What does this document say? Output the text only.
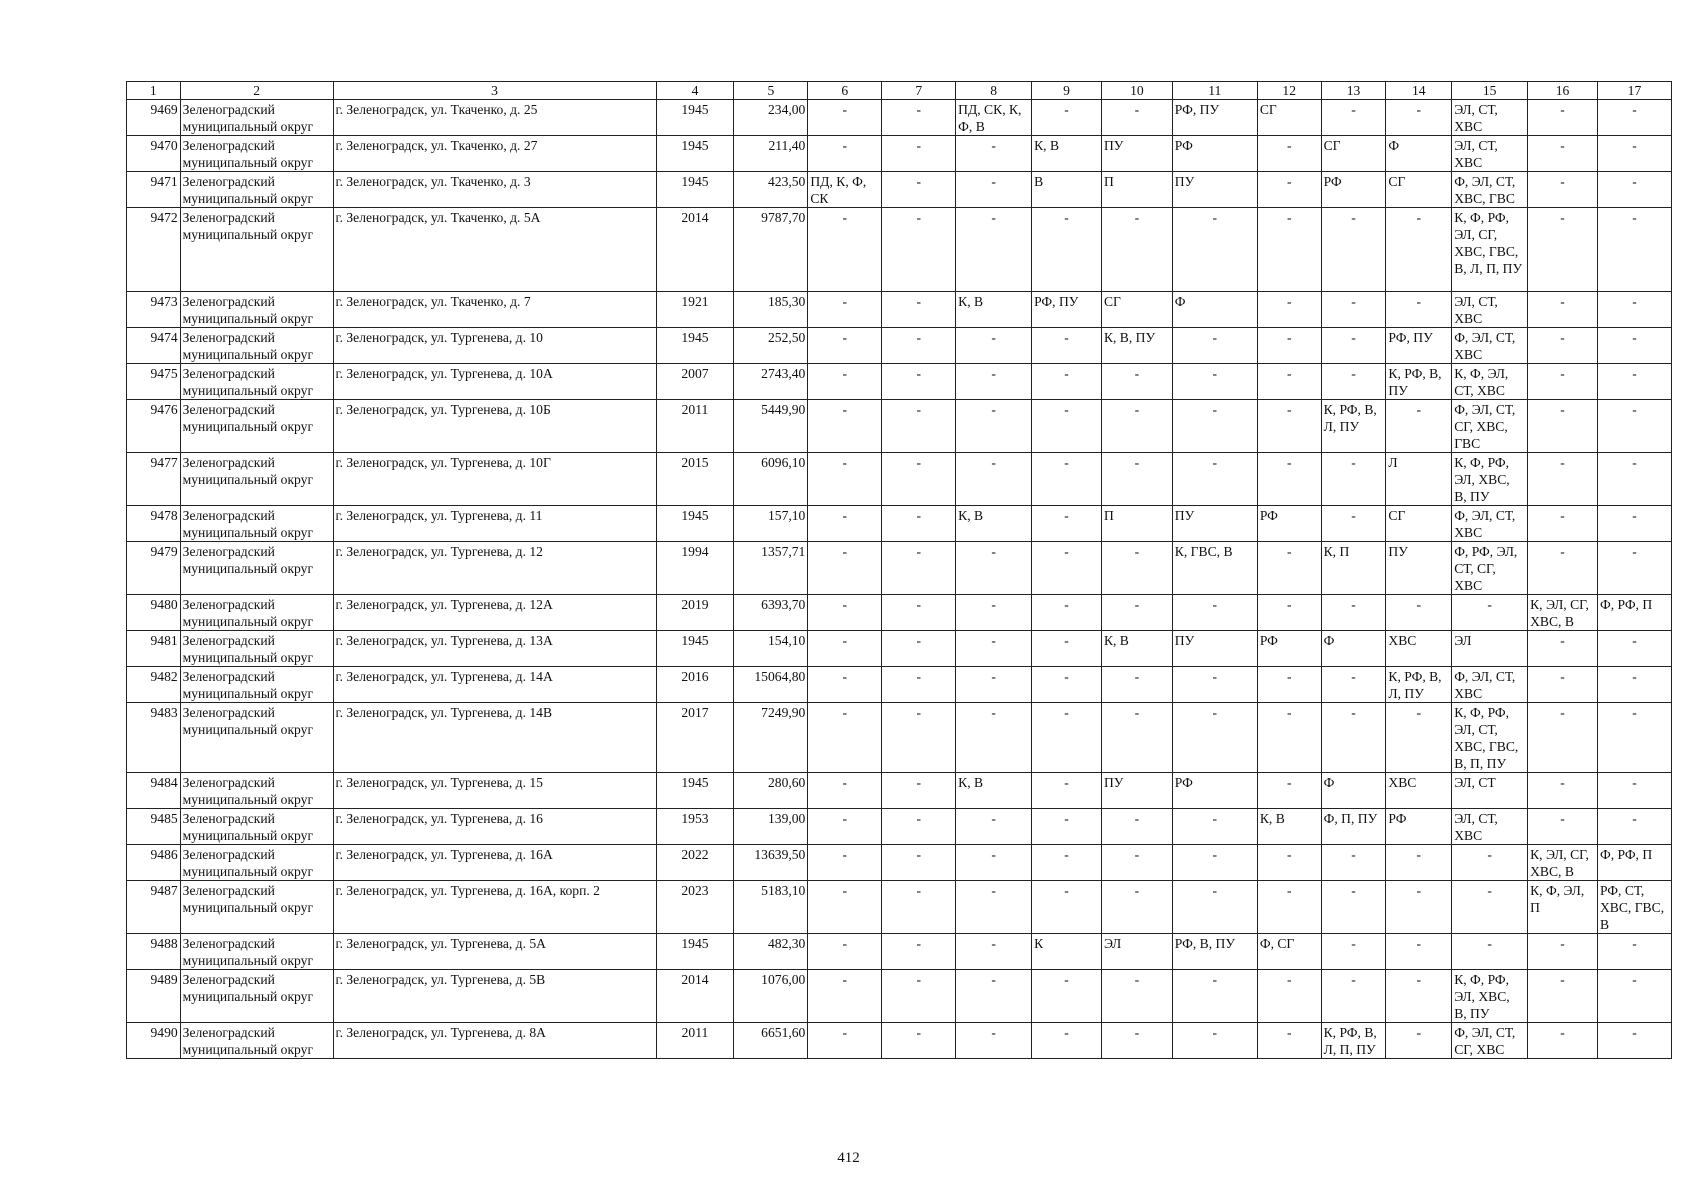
1	2	3	4	5	6	7	8	9	10	11	12	13	14	15	16	17
9469	Зеленоградский муниципальный округ	г. Зеленоградск, ул. Ткаченко, д. 25	1945	234,00	-	-	ПД, СК, К, Ф, В	-	-	РФ, ПУ	СГ	-	-	ЭЛ, СТ, ХВС	-	-
9470	Зеленоградский муниципальный округ	г. Зеленоградск, ул. Ткаченко, д. 27	1945	211,40	-	-	-	К, В	ПУ	РФ	-	СГ	Ф	ЭЛ, СТ, ХВС	-	-
9471	Зеленоградский муниципальный округ	г. Зеленоградск, ул. Ткаченко, д. 3	1945	423,50	ПД, К, Ф, СК	-	-	В	П	ПУ	-	РФ	СГ	Ф, ЭЛ, СТ, ХВС, ГВС	-	-
9472	Зеленоградский муниципальный округ	г. Зеленоградск, ул. Ткаченко, д. 5А	2014	9787,70	-	-	-	-	-	-	-	-	-	К, Ф, РФ, ЭЛ, СГ, ХВС, ГВС, В, Л, П, ПУ	-	-
9473	Зеленоградский муниципальный округ	г. Зеленоградск, ул. Ткаченко, д. 7	1921	185,30	-	-	К, В	РФ, ПУ	СГ	Ф	-	-	-	ЭЛ, СТ, ХВС	-	-
9474	Зеленоградский муниципальный округ	г. Зеленоградск, ул. Тургенева, д. 10	1945	252,50	-	-	-	-	К, В, ПУ	-	-	-	РФ, ПУ	Ф, ЭЛ, СТ, ХВС	-	-
9475	Зеленоградский муниципальный округ	г. Зеленоградск, ул. Тургенева, д. 10А	2007	2743,40	-	-	-	-	-	-	-	-	К, РФ, В, ПУ	К, Ф, ЭЛ, СТ, ХВС	-	-
9476	Зеленоградский муниципальный округ	г. Зеленоградск, ул. Тургенева, д. 10Б	2011	5449,90	-	-	-	-	-	-	-	К, РФ, В, Л, ПУ	-	Ф, ЭЛ, СТ, СГ, ХВС, ГВС	-	-
9477	Зеленоградский муниципальный округ	г. Зеленоградск, ул. Тургенева, д. 10Г	2015	6096,10	-	-	-	-	-	-	-	-	Л	К, Ф, РФ, ЭЛ, ХВС, В, ПУ	-	-
9478	Зеленоградский муниципальный округ	г. Зеленоградск, ул. Тургенева, д. 11	1945	157,10	-	-	К, В	-	П	ПУ	РФ	-	СГ	Ф, ЭЛ, СТ, ХВС	-	-
9479	Зеленоградский муниципальный округ	г. Зеленоградск, ул. Тургенева, д. 12	1994	1357,71	-	-	-	-	-	К, ГВС, В	-	К, П	ПУ	Ф, РФ, ЭЛ, СТ, СГ, ХВС	-	-
9480	Зеленоградский муниципальный округ	г. Зеленоградск, ул. Тургенева, д. 12А	2019	6393,70	-	-	-	-	-	-	-	-	-	-	К, ЭЛ, СГ, ХВС, В	Ф, РФ, П
9481	Зеленоградский муниципальный округ	г. Зеленоградск, ул. Тургенева, д. 13А	1945	154,10	-	-	-	-	К, В	ПУ	РФ	Ф	ХВС	ЭЛ	-	-
9482	Зеленоградский муниципальный округ	г. Зеленоградск, ул. Тургенева, д. 14А	2016	15064,80	-	-	-	-	-	-	-	-	К, РФ, В, Л, ПУ	Ф, ЭЛ, СТ, ХВС	-	-
9483	Зеленоградский муниципальный округ	г. Зеленоградск, ул. Тургенева, д. 14В	2017	7249,90	-	-	-	-	-	-	-	-	-	К, Ф, РФ, ЭЛ, СТ, ХВС, ГВС, В, П, ПУ	-	-
9484	Зеленоградский муниципальный округ	г. Зеленоградск, ул. Тургенева, д. 15	1945	280,60	-	-	К, В	-	ПУ	РФ	-	Ф	ХВС	ЭЛ, СТ	-	-
9485	Зеленоградский муниципальный округ	г. Зеленоградск, ул. Тургенева, д. 16	1953	139,00	-	-	-	-	-	-	К, В	Ф, П, ПУ	РФ	ЭЛ, СТ, ХВС	-	-
9486	Зеленоградский муниципальный округ	г. Зеленоградск, ул. Тургенева, д. 16А	2022	13639,50	-	-	-	-	-	-	-	-	-	-	К, ЭЛ, СГ, ХВС, В	Ф, РФ, П
9487	Зеленоградский муниципальный округ	г. Зеленоградск, ул. Тургенева, д. 16А, корп. 2	2023	5183,10	-	-	-	-	-	-	-	-	-	-	К, Ф, ЭЛ, П	РФ, СТ, ХВС, ГВС, В
9488	Зеленоградский муниципальный округ	г. Зеленоградск, ул. Тургенева, д. 5А	1945	482,30	-	-	-	К	ЭЛ	РФ, В, ПУ	Ф, СГ	-	-	-	-	-
9489	Зеленоградский муниципальный округ	г. Зеленоградск, ул. Тургенева, д. 5В	2014	1076,00	-	-	-	-	-	-	-	-	-	К, Ф, РФ, ЭЛ, ХВС, В, ПУ	-	-
9490	Зеленоградский муниципальный округ	г. Зеленоградск, ул. Тургенева, д. 8А	2011	6651,60	-	-	-	-	-	-	-	К, РФ, В, Л, П, ПУ	-	Ф, ЭЛ, СТ, СГ, ХВС	-	-
412
